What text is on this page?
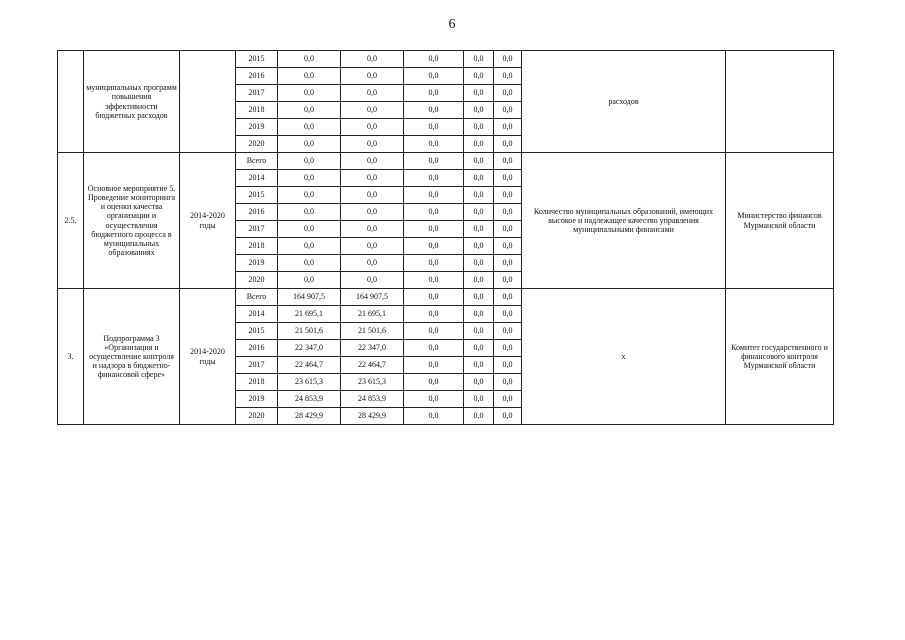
6
	муниципальных программ повышения эффективности бюджетных расходов		2015	0,0	0,0	0,0	0,0	0,0	расходов	
			2016	0,0	0,0	0,0	0,0	0,0		
			2017	0,0	0,0	0,0	0,0	0,0		
			2018	0,0	0,0	0,0	0,0	0,0		
			2019	0,0	0,0	0,0	0,0	0,0		
			2020	0,0	0,0	0,0	0,0	0,0		
2.5.	Основное мероприятие 5. Проведение мониторинга и оценки качества организации и осуществления бюджетного процесса в муниципальных образованиях	2014-2020 годы	Всего	0,0	0,0	0,0	0,0	0,0	Количество муниципальных образований, имеющих высокое и надлежащее качество управления муниципальными финансами	Министерство финансов Мурманской области
			2014	0,0	0,0	0,0	0,0	0,0		
			2015	0,0	0,0	0,0	0,0	0,0		
			2016	0,0	0,0	0,0	0,0	0,0		
			2017	0,0	0,0	0,0	0,0	0,0		
			2018	0,0	0,0	0,0	0,0	0,0		
			2019	0,0	0,0	0,0	0,0	0,0		
			2020	0,0	0,0	0,0	0,0	0,0		
3.	Подпрограмма 3 «Организация и осуществление контроля и надзора в бюджетно-финансовой сфере»	2014-2020 годы	Всего	164 907,5	164 907,5	0,0	0,0	0,0	х	Комитет государственного и финансового контроля Мурманской области
			2014	21 695,1	21 695,1	0,0	0,0	0,0		
			2015	21 501,6	21 501,6	0,0	0,0	0,0		
			2016	22 347,0	22 347,0	0,0	0,0	0,0		
			2017	22 464,7	22 464,7	0,0	0,0	0,0		
			2018	23 615,3	23 615,3	0,0	0,0	0,0		
			2019	24 853,9	24 853,9	0,0	0,0	0,0		
			2020	28 429,9	28 429,9	0,0	0,0	0,0		
